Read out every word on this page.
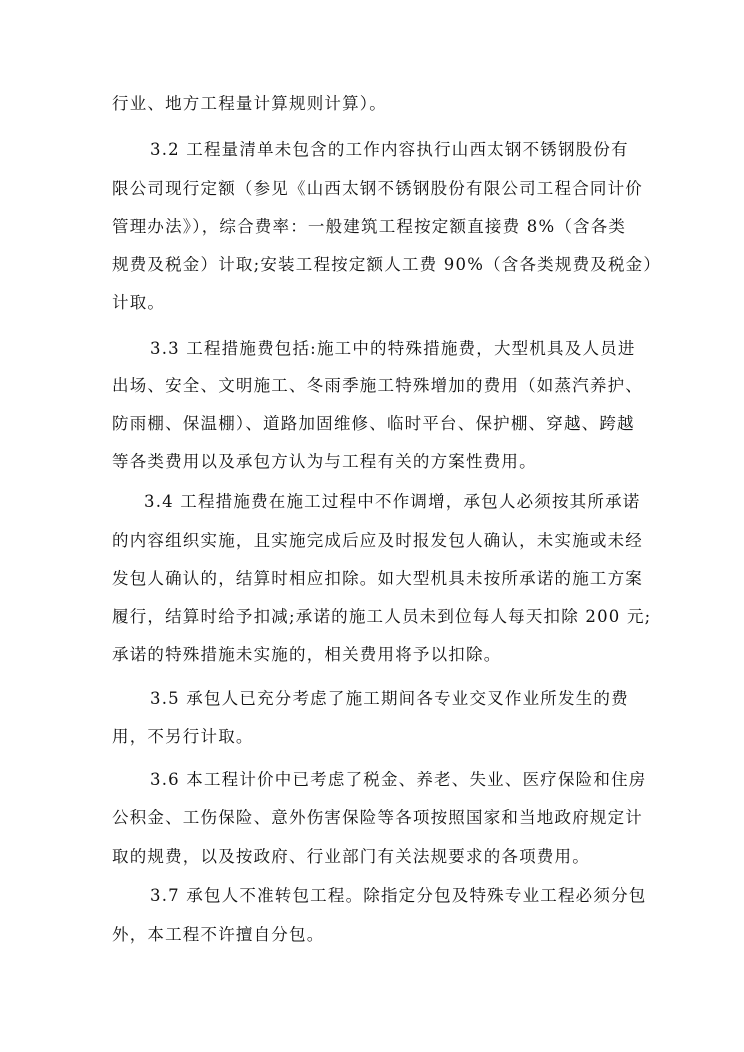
行业、地方工程量计算规则计算）。
3.2 工程量清单未包含的工作内容执行山西太钢不锈钢股份有
限公司现行定额（参见《山西太钢不锈钢股份有限公司工程合同计价
管理办法》），综合费率：一般建筑工程按定额直接费 8%（含各类
规费及税金）计取;安装工程按定额人工费 90%（含各类规费及税金）
计取。
3.3 工程措施费包括:施工中的特殊措施费，大型机具及人员进
出场、安全、文明施工、冬雨季施工特殊增加的费用（如蒸汽养护、
防雨棚、保温棚）、道路加固维修、临时平台、保护棚、穿越、跨越
等各类费用以及承包方认为与工程有关的方案性费用。
3.4 工程措施费在施工过程中不作调增，承包人必须按其所承诺
的内容组织实施，且实施完成后应及时报发包人确认，未实施或未经
发包人确认的，结算时相应扣除。如大型机具未按所承诺的施工方案
履行，结算时给予扣减;承诺的施工人员未到位每人每天扣除 200 元;
承诺的特殊措施未实施的，相关费用将予以扣除。
3.5 承包人已充分考虑了施工期间各专业交叉作业所发生的费
用，不另行计取。
3.6 本工程计价中已考虑了税金、养老、失业、医疗保险和住房
公积金、工伤保险、意外伤害保险等各项按照国家和当地政府规定计
取的规费，以及按政府、行业部门有关法规要求的各项费用。
3.7 承包人不准转包工程。除指定分包及特殊专业工程必须分包
外，本工程不许擅自分包。
